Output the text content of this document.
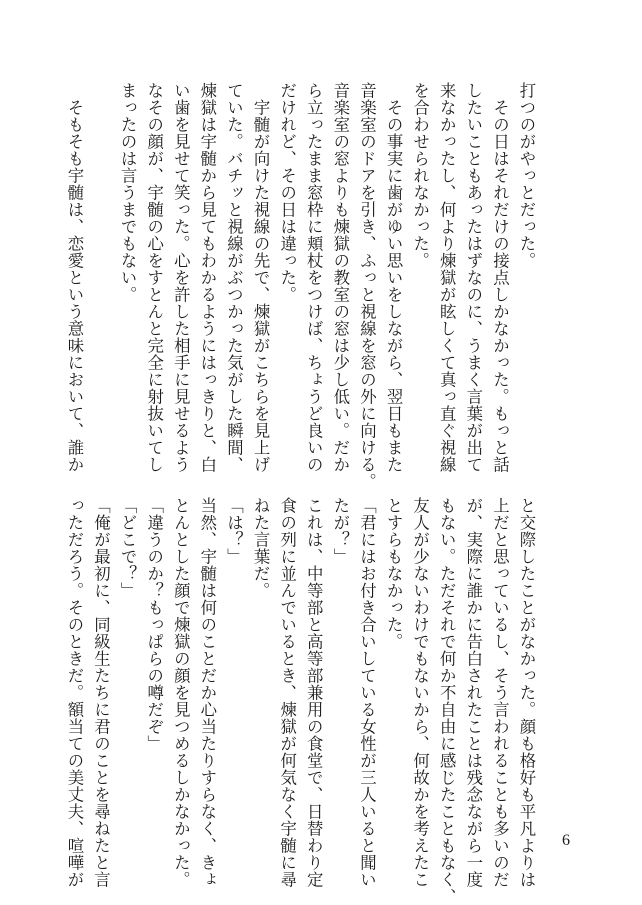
打つのがやっとだった。
　その日はそれだけの接点しかなかった。もっと話
したいこともあったはずなのに、うまく言葉が出て
来なかったし、何より煉獄が眩しくて真っ直ぐ視線
を合わせられなかった。
　その事実に歯がゆい思いをしながら、翌日もまた
音楽室のドアを引き、ふっと視線を窓の外に向ける。
音楽室の窓よりも煉獄の教室の窓は少し低い。だか
ら立ったまま窓枠に頬杖をつけば、ちょうど良いの
だけれど、その日は違った。
　宇髄が向けた視線の先で、煉獄がこちらを見上げ
ていた。バチッと視線がぶつかった気がした瞬間、
煉獄は宇髄から見てもわかるようにはっきりと、白
い歯を見せて笑った。心を許した相手に見せるよう
なその顔が、宇髄の心をすとんと完全に射抜いてし
まったのは言うまでもない。
　そもそも宇髄は、恋愛という意味において、誰か
と交際したことがなかった。顔も格好も平凡よりは
上だと思っているし、そう言われることも多いのだ
が、実際に誰かに告白されたことは残念ながら一度
もない。ただそれで何か不自由に感じたこともなく、
友人が少ないわけでもないから、何故かを考えたこ
とすらもなかった。
「君にはお付き合いしている女性が三人いると聞い
たが？」
これは、中等部と高等部兼用の食堂で、日替わり定
食の列に並んでいるとき、煉獄が何気なく宇髄に尋
ねた言葉だ。
「は？」
当然、宇髄は何のことだか心当たりすらなく、きょ
とんとした顔で煉獄の顔を見つめるしかなかった。
「違うのか？もっぱらの噂だぞ」
「どこで？」
「俺が最初に、同級生たちに君のことを尋ねたと言
っただろう。そのときだ。額当ての美丈夫、喧嘩が	6
